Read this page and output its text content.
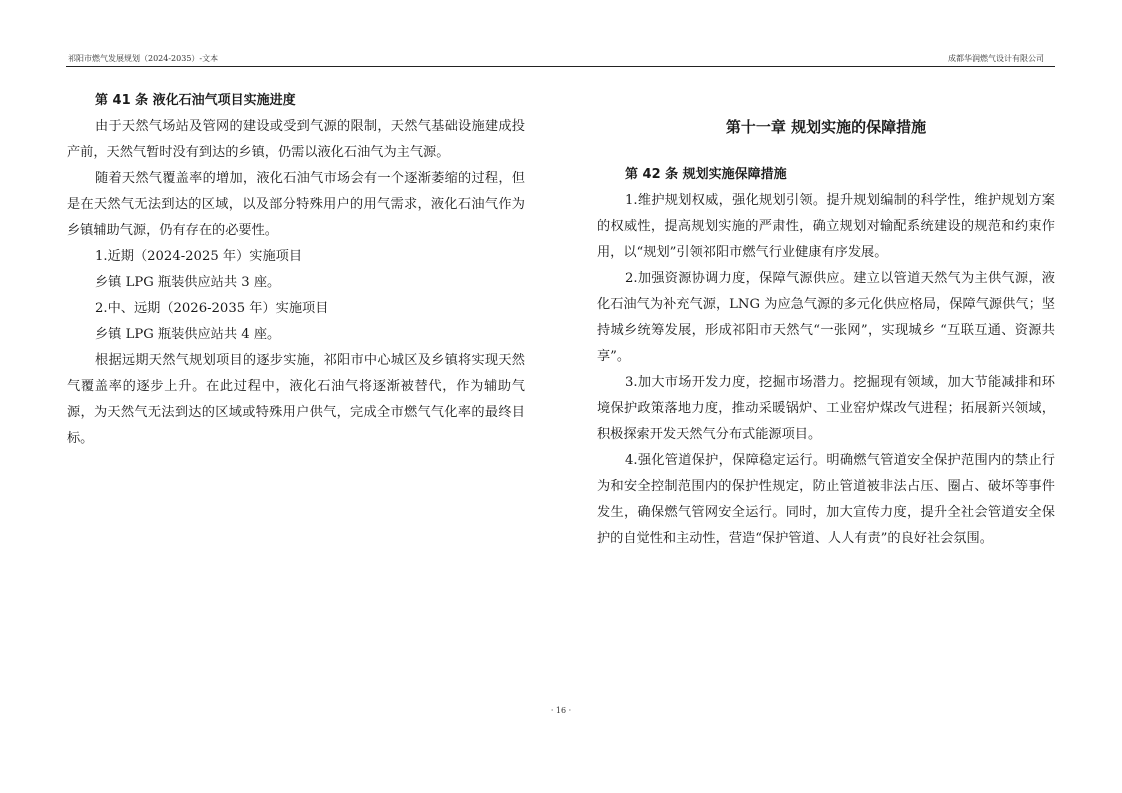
祁阳市燃气发展规划（2024-2035）-文本	成都华润燃气设计有限公司

第 41 条 液化石油气项目实施进度

由于天然气场站及管网的建设或受到气源的限制，天然气基础设施建成投产前，天然气暂时没有到达的乡镇，仍需以液化石油气为主气源。

随着天然气覆盖率的增加，液化石油气市场会有一个逐渐萎缩的过程，但是在天然气无法到达的区域，以及部分特殊用户的用气需求，液化石油气作为乡镇辅助气源，仍有存在的必要性。

1.近期（2024-2025 年）实施项目

乡镇 LPG 瓶装供应站共 3 座。

2.中、远期（2026-2035 年）实施项目

乡镇 LPG 瓶装供应站共 4 座。

根据远期天然气规划项目的逐步实施，祁阳市中心城区及乡镇将实现天然气覆盖率的逐步上升。在此过程中，液化石油气将逐渐被替代，作为辅助气源，为天然气无法到达的区域或特殊用户供气，完成全市燃气气化率的最终目标。

第十一章 规划实施的保障措施

第 42 条 规划实施保障措施

1.维护规划权威，强化规划引领。提升规划编制的科学性，维护规划方案的权威性，提高规划实施的严肃性，确立规划对输配系统建设的规范和约束作用，以“规划”引领祁阳市燃气行业健康有序发展。

2.加强资源协调力度，保障气源供应。建立以管道天然气为主供气源，液化石油气为补充气源，LNG 为应急气源的多元化供应格局，保障气源供气；坚持城乡统筹发展，形成祁阳市天然气“一张网”，实现城乡 “互联互通、资源共享”。

3.加大市场开发力度，挖掘市场潜力。挖掘现有领域，加大节能减排和环境保护政策落地力度，推动采暖锅炉、工业窑炉煤改气进程；拓展新兴领域，积极探索开发天然气分布式能源项目。

4.强化管道保护，保障稳定运行。明确燃气管道安全保护范围内的禁止行为和安全控制范围内的保护性规定，防止管道被非法占压、圈占、破坏等事件发生，确保燃气管网安全运行。同时，加大宣传力度，提升全社会管道安全保护的自觉性和主动性，营造“保护管道、人人有责”的良好社会氛围。

· 16 ·
